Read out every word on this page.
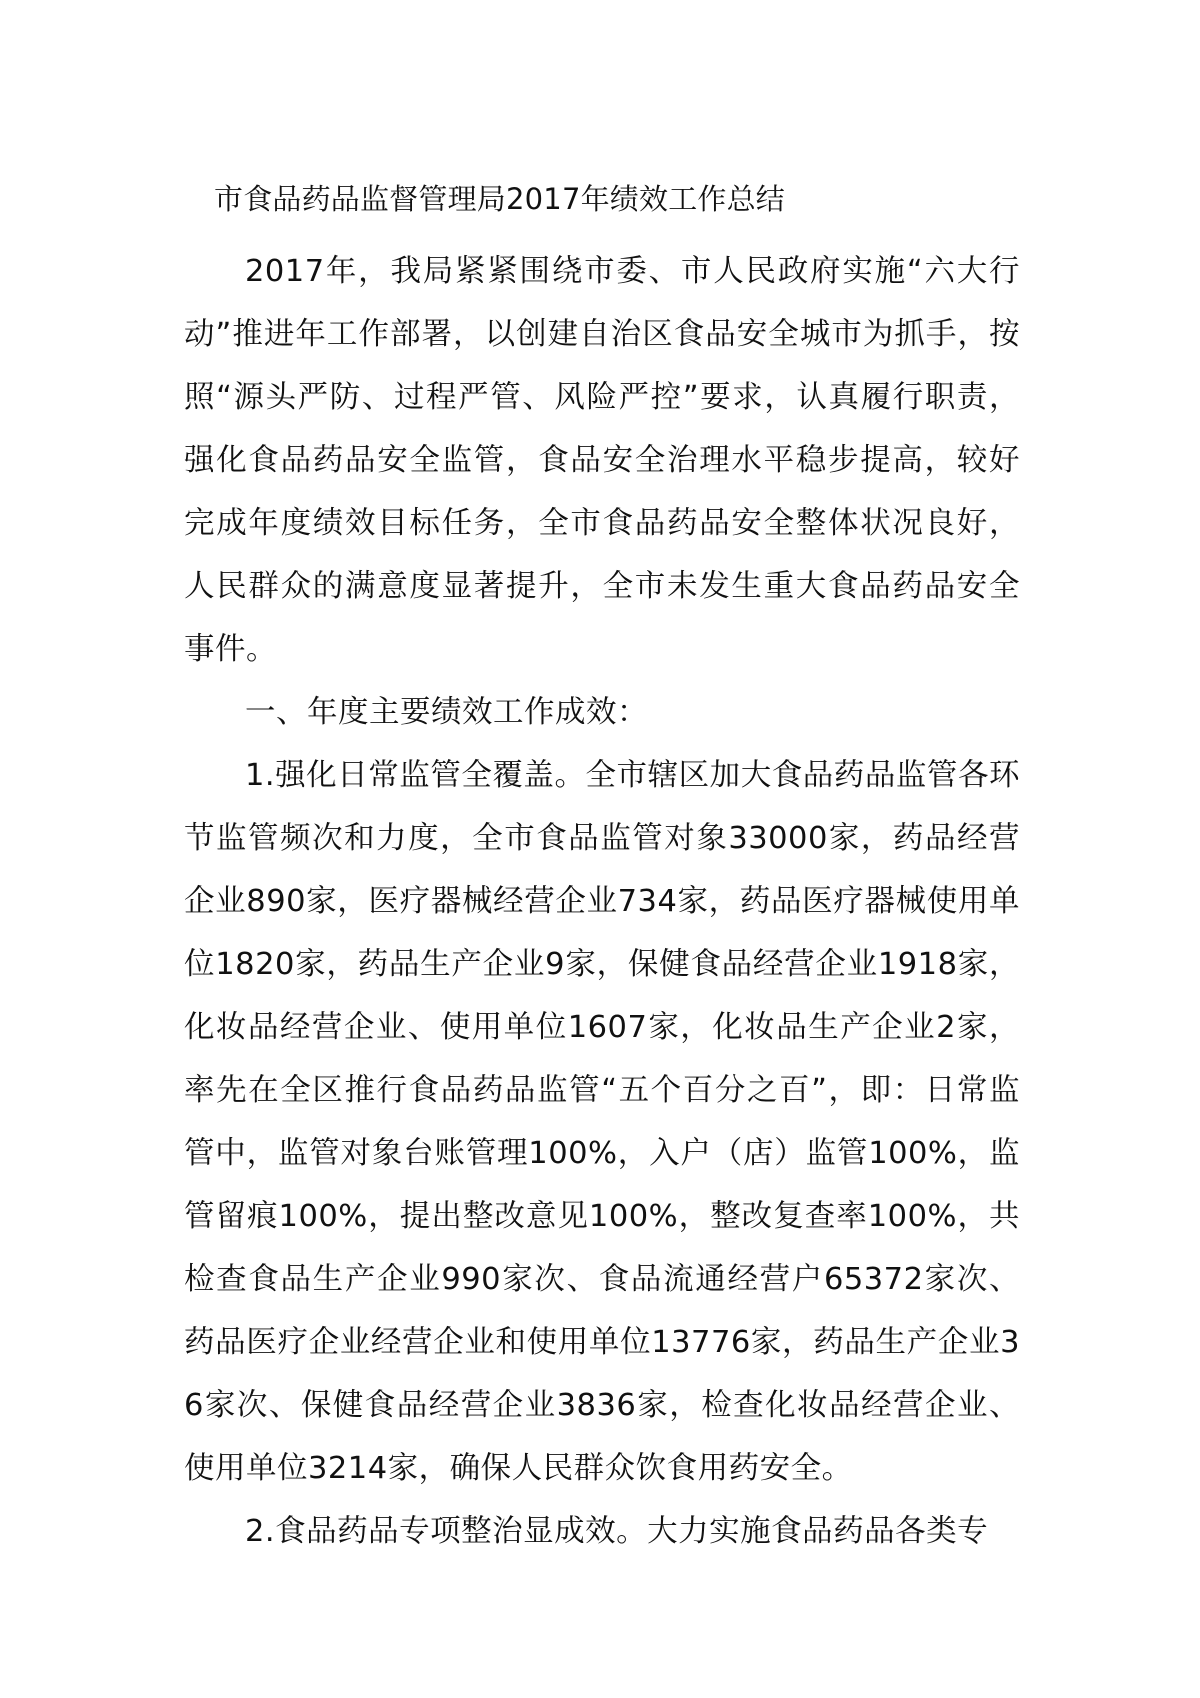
市食品药品监督管理局2017年绩效工作总结

2017年，我局紧紧围绕市委、市人民政府实施“六大行动”推进年工作部署，以创建自治区食品安全城市为抓手，按照“源头严防、过程严管、风险严控”要求，认真履行职责，强化食品药品安全监管，食品安全治理水平稳步提高，较好完成年度绩效目标任务，全市食品药品安全整体状况良好，人民群众的满意度显著提升，全市未发生重大食品药品安全事件。

一、年度主要绩效工作成效：

1.强化日常监管全覆盖。全市辖区加大食品药品监管各环节监管频次和力度，全市食品监管对象33000家，药品经营企业890家，医疗器械经营企业734家，药品医疗器械使用单位1820家，药品生产企业9家，保健食品经营企业1918家，化妆品经营企业、使用单位1607家，化妆品生产企业2家，率先在全区推行食品药品监管“五个百分之百”，即：日常监管中，监管对象台账管理100%，入户（店）监管100%，监管留痕100%，提出整改意见100%，整改复查率100%，共检查食品生产企业990家次、食品流通经营户65372家次、药品医疗企业经营企业和使用单位13776家，药品生产企业36家次、保健食品经营企业3836家，检查化妆品经营企业、使用单位3214家，确保人民群众饮食用药安全。

2.食品药品专项整治显成效。大力实施食品药品各类专
